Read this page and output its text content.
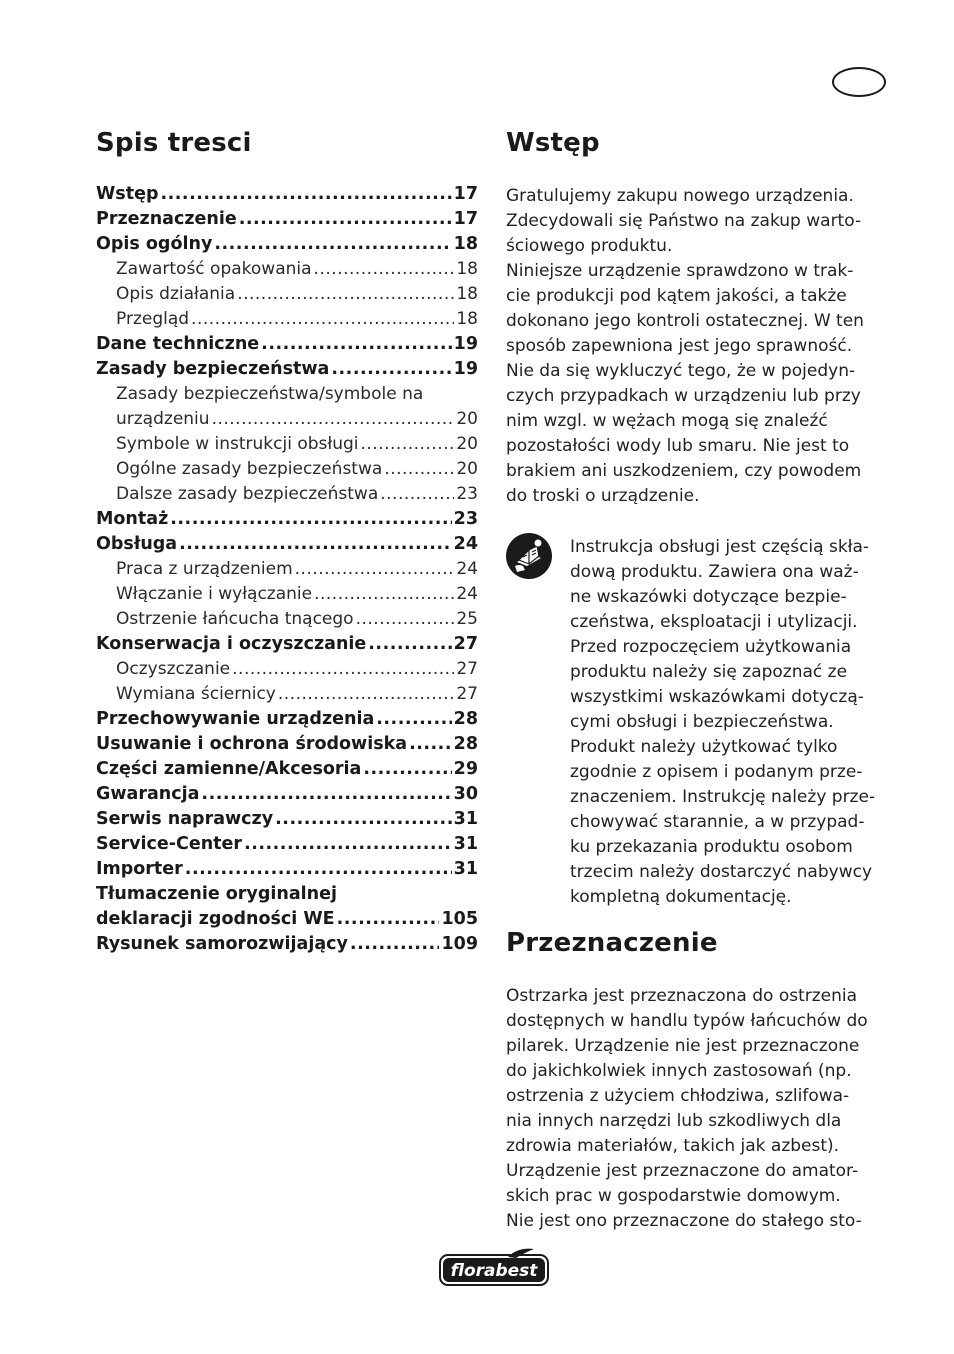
Spis tresci
Wstęp .....	17
Przeznaczenie .....	17
Opis ogólny .....	18
Zawartość opakowania .....	18
Opis działania .....	18
Przegląd .....	18
Dane techniczne .....	19
Zasady bezpieczeństwa .....	19
Zasady bezpieczeństwa/symbole na
urządzeniu .....	20
Symbole w instrukcji obsługi .....	20
Ogólne zasady bezpieczeństwa .....	20
Dalsze zasady bezpieczeństwa .....	23
Montaż .....	23
Obsługa .....	24
Praca z urządzeniem .....	24
Włączanie i wyłączanie .....	24
Ostrzenie łańcucha tnącego .....	25
Konserwacja i oczyszczanie .....	27
Oczyszczanie .....	27
Wymiana ściernicy .....	27
Przechowywanie urządzenia .....	28
Usuwanie i ochrona środowiska .....	28
Części zamienne/Akcesoria .....	29
Gwarancja .....	30
Serwis naprawczy .....	31
Service-Center .....	31
Importer .....	31
Tłumaczenie oryginalnej
deklaracji zgodności WE .....	105
Rysunek samorozwijający .....	109
Wstęp
Gratulujemy zakupu nowego urządzenia.
Zdecydowali się Państwo na zakup warto-
ściowego produktu.
Niniejsze urządzenie sprawdzono w trak-
cie produkcji pod kątem jakości, a także
dokonano jego kontroli ostatecznej. W ten
sposób zapewniona jest jego sprawność.
Nie da się wykluczyć tego, że w pojedyn-
czych przypadkach w urządzeniu lub przy
nim wzgl. w wężach mogą się znaleźć
pozostałości wody lub smaru. Nie jest to
brakiem ani uszkodzeniem, czy powodem
do troski o urządzenie.
Instrukcja obsługi jest częścią skła-
dową produktu. Zawiera ona waż-
ne wskazówki dotyczące bezpie-
czeństwa, eksploatacji i utylizacji.
Przed rozpoczęciem użytkowania
produktu należy się zapoznać ze
wszystkimi wskazówkami dotyczą-
cymi obsługi i bezpieczeństwa.
Produkt należy użytkować tylko
zgodnie z opisem i podanym prze-
znaczeniem. Instrukcję należy prze-
chowywać starannie, a w przypad-
ku przekazania produktu osobom
trzecim należy dostarczyć nabywcy
kompletną dokumentację.
Przeznaczenie
Ostrzarka jest przeznaczona do ostrzenia
dostępnych w handlu typów łańcuchów do
pilarek. Urządzenie nie jest przeznaczone
do jakichkolwiek innych zastosowań (np.
ostrzenia z użyciem chłodziwa, szlifowa-
nia innych narzędzi lub szkodliwych dla
zdrowia materiałów, takich jak azbest).
Urządzenie jest przeznaczone do amator-
skich prac w gospodarstwie domowym.
Nie jest ono przeznaczone do stałego sto-
florabest
